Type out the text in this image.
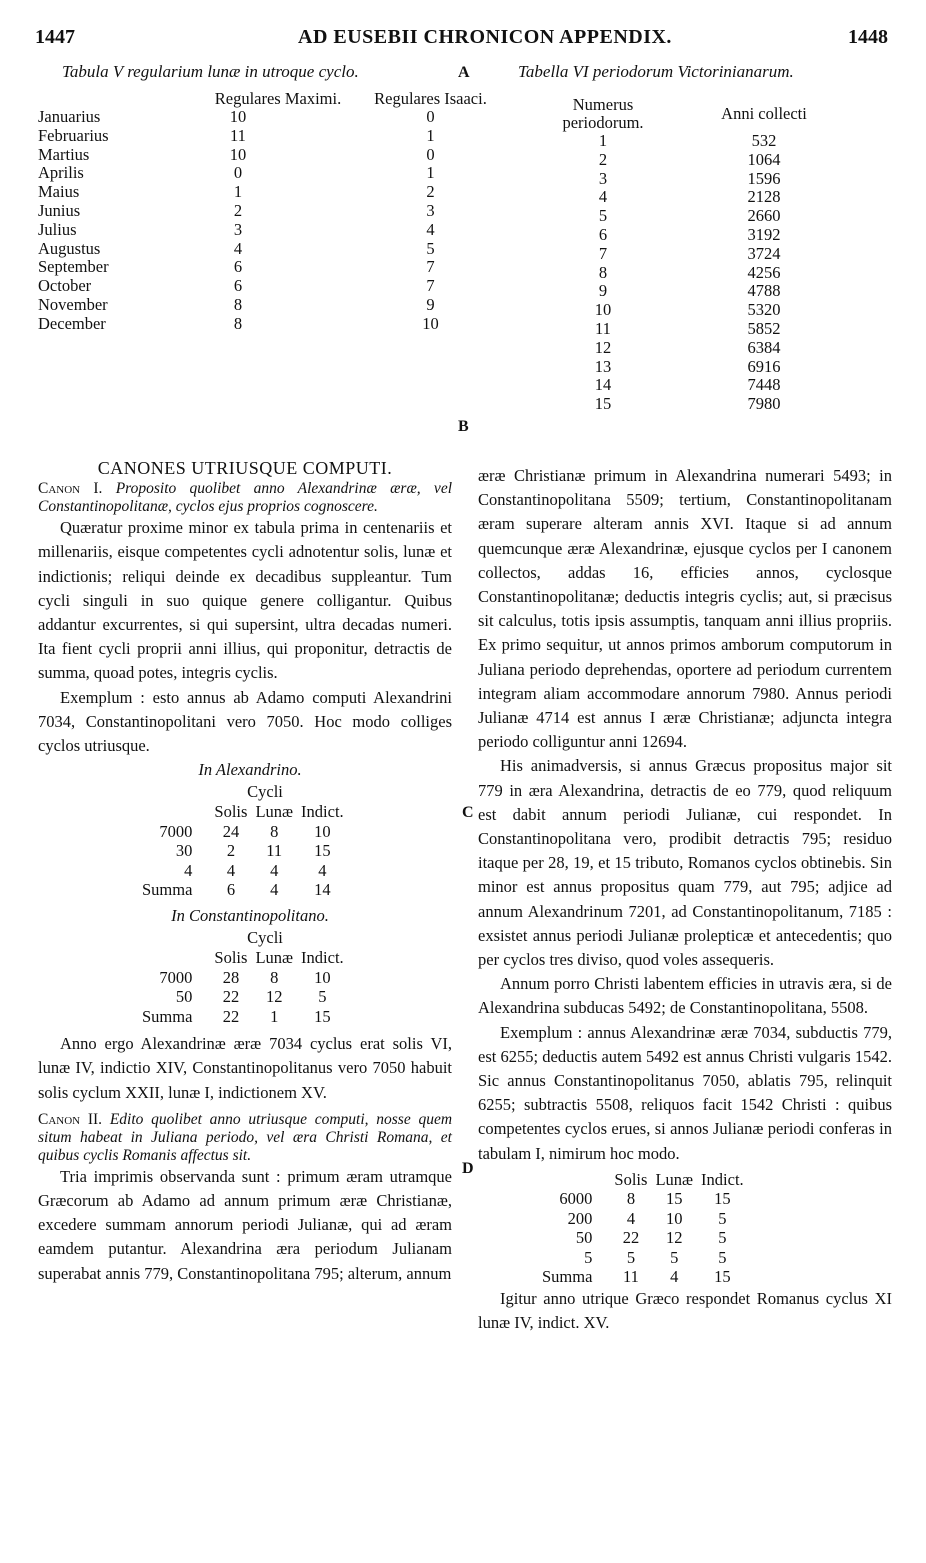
1447	AD EUSEBII CHRONICON APPENDIX.	1448
A
B
C
D
Tabula V regularium lunæ in utroque cyclo.
	Regulares Maximi.		Regulares Isaaci.
Januarius	10		0
Februarius	11		1
Martius	10		0
Aprilis	0		1
Maius	1		2
Junius	2		3
Julius	3		4
Augustus	4		5
September	6		7
October	6		7
November	8		9
December	8		10
Tabella VI periodorum Victorinianarum.
Numerus periodorum.	Anni collecti
1	532
2	1064
3	1596
4	2128
5	2660
6	3192
7	3724
8	4256
9	4788
10	5320
11	5852
12	6384
13	6916
14	7448
15	7980
CANONES UTRIUSQUE COMPUTI.

Canon I. Proposito quolibet anno Alexandrinæ æræ, vel Constantinopolitanæ, cyclos ejus proprios cognoscere.

Quæratur proxime minor ex tabula prima in centenariis et millenariis, eisque competentes cycli adnotentur solis, lunæ et indictionis; reliqui deinde ex decadibus suppleantur. Tum cycli singuli in suo quique genere colligantur. Quibus addantur excurrentes, si qui supersint, ultra decadas numeri. Ita fient cycli proprii anni illius, qui proponitur, detractis de summa, quoad potes, integris cyclis.

Exemplum : esto annus ab Adamo computi Alexandrini 7034, Constantinopolitani vero 7050. Hoc modo colliges cyclos utriusque.

In Alexandrino.
Cycli
	Solis	Lunæ	Indict.
7000	24	8	10
30	2	11	15
4	4	4	4
Summa	6	4	14
In Constantinopolitano.
Cycli
	Solis	Lunæ	Indict.
7000	28	8	10
50	22	12	5
Summa	22	1	15

Anno ergo Alexandrinæ æræ 7034 cyclus erat solis VI, lunæ IV, indictio XIV, Constantinopolitanus vero 7050 habuit solis cyclum XXII, lunæ I, indictionem XV.

Canon II. Edito quolibet anno utriusque computi, nosse quem situm habeat in Juliana periodo, vel æra Christi Romana, et quibus cyclis Romanis affectus sit.

Tria imprimis observanda sunt : primum æram utramque Græcorum ab Adamo ad annum primum æræ Christianæ, excedere summam annorum periodi Julianæ, qui ad æram eamdem putantur. Alexandrina æra periodum Julianam superabat annis 779, Constantinopolitana 795; alterum, annum

æræ Christianæ primum in Alexandrina numerari 5493; in Constantinopolitana 5509; tertium, Constantinopolitanam æram superare alteram annis XVI. Itaque si ad annum quemcunque æræ Alexandrinæ, ejusque cyclos per I canonem collectos, addas 16, efficies annos, cyclosque Constantinopolitanæ; deductis integris cyclis; aut, si præcisus sit calculus, totis ipsis assumptis, tanquam anni illius propriis. Ex primo sequitur, ut annos primos amborum computorum in Juliana periodo deprehendas, oportere ad periodum currentem integram aliam accommodare annorum 7980. Annus periodi Julianæ 4714 est annus I æræ Christianæ; adjuncta integra periodo colliguntur anni 12694.

His animadversis, si annus Græcus propositus major sit 779 in æra Alexandrina, detractis de eo 779, quod reliquum est dabit annum periodi Julianæ, cui respondet. In Constantinopolitana vero, prodibit detractis 795; residuo itaque per 28, 19, et 15 tributo, Romanos cyclos obtinebis. Sin minor est annus propositus quam 779, aut 795; adjice ad annum Alexandrinum 7201, ad Constantinopolitanum, 7185 : exsistet annus periodi Julianæ prolepticæ et antecedentis; quo per cyclos tres diviso, quod voles assequeris.

Annum porro Christi labentem efficies in utravis æra, si de Alexandrina subducas 5492; de Constantinopolitana, 5508.

Exemplum : annus Alexandrinæ æræ 7034, subductis 779, est 6255; deductis autem 5492 est annus Christi vulgaris 1542. Sic annus Constantinopolitanus 7050, ablatis 795, relinquit 6255; subtractis 5508, reliquos facit 1542 Christi : quibus competentes cyclos erues, si annos Julianæ periodi conferas in tabulam I, nimirum hoc modo.

	Solis	Lunæ	Indict.
6000	8	15	15
200	4	10	5
50	22	12	5
5	5	5	5
Summa	11	4	15

Igitur anno utrique Græco respondet Romanus cyclus XI lunæ IV, indict. XV.
